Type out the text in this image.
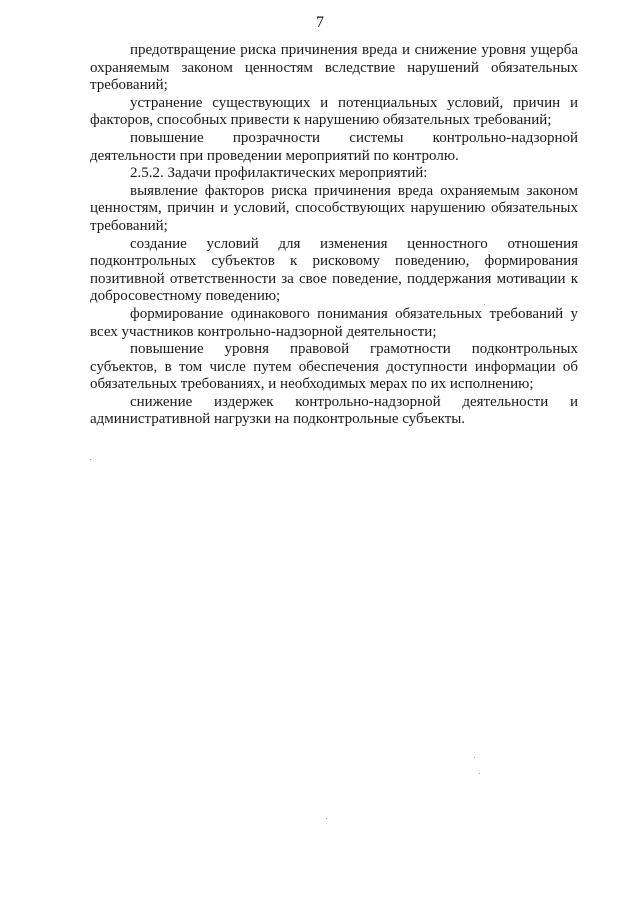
7

предотвращение риска причинения вреда и снижение уровня ущерба охраняемым законом ценностям вследствие нарушений обязательных требований;

устранение существующих и потенциальных условий, причин и факторов, способных привести к нарушению обязательных требований;

повышение прозрачности системы контрольно-надзорной деятельности при проведении мероприятий по контролю.

2.5.2. Задачи профилактических мероприятий:

выявление факторов риска причинения вреда охраняемым законом ценностям, причин и условий, способствующих нарушению обязательных требований;

создание условий для изменения ценностного отношения подконтрольных субъектов к рисковому поведению, формирования позитивной ответственности за свое поведение, поддержания мотивации к добросовестному поведению;

формирование одинакового понимания обязательных требований у всех участников контрольно-надзорной деятельности;

повышение уровня правовой грамотности подконтрольных субъектов, в том числе путем обеспечения доступности информации об обязательных требованиях, и необходимых мерах по их исполнению;

снижение издержек контрольно-надзорной деятельности и административной нагрузки на подконтрольные субъекты.
